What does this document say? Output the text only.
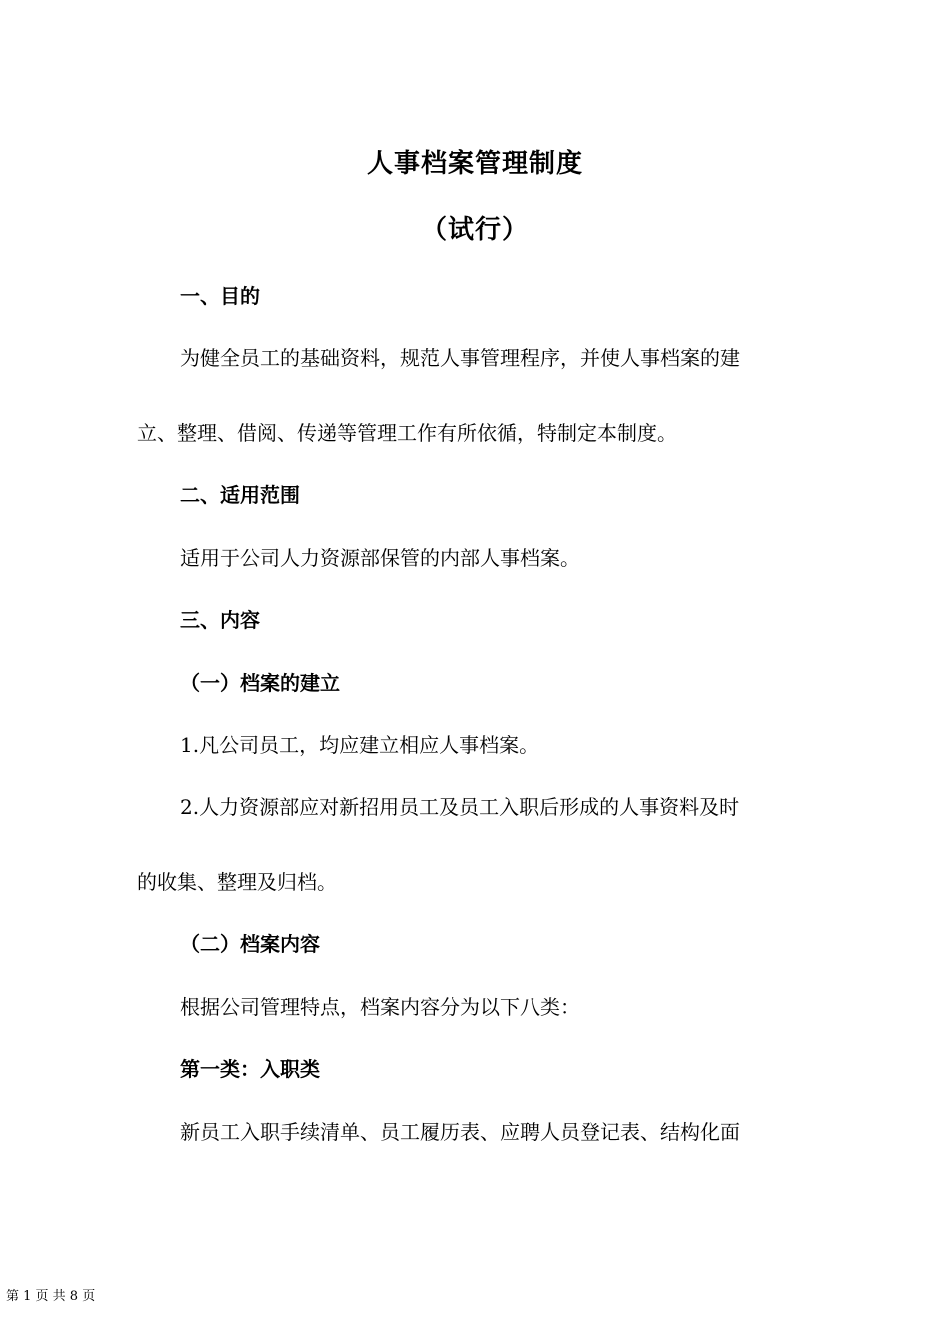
人事档案管理制度
（试行）
一、目的
为健全员工的基础资料，规范人事管理程序，并使人事档案的建
立、整理、借阅、传递等管理工作有所依循，特制定本制度。
二、适用范围
适用于公司人力资源部保管的内部人事档案。
三、内容
（一）档案的建立
1.凡公司员工，均应建立相应人事档案。
2.人力资源部应对新招用员工及员工入职后形成的人事资料及时
的收集、整理及归档。
（二）档案内容
根据公司管理特点，档案内容分为以下八类：
第一类：入职类
新员工入职手续清单、员工履历表、应聘人员登记表、结构化面
第 1 页 共 8 页
